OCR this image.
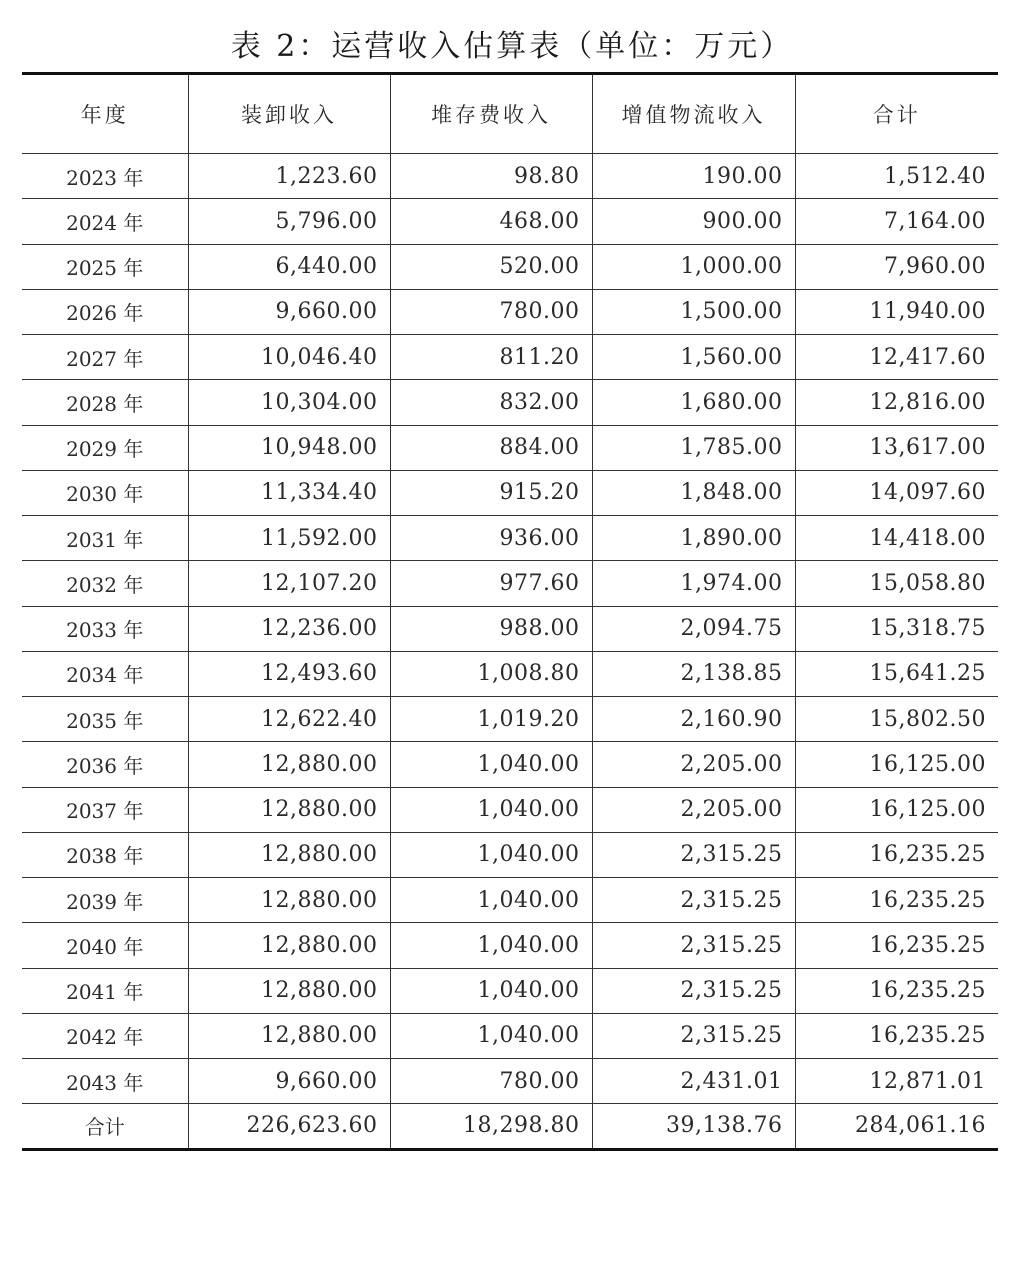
表 2：运营收入估算表（单位：万元）
年度	装卸收入	堆存费收入	增值物流收入	合计
2023 年	1,223.60	98.80	190.00	1,512.40
2024 年	5,796.00	468.00	900.00	7,164.00
2025 年	6,440.00	520.00	1,000.00	7,960.00
2026 年	9,660.00	780.00	1,500.00	11,940.00
2027 年	10,046.40	811.20	1,560.00	12,417.60
2028 年	10,304.00	832.00	1,680.00	12,816.00
2029 年	10,948.00	884.00	1,785.00	13,617.00
2030 年	11,334.40	915.20	1,848.00	14,097.60
2031 年	11,592.00	936.00	1,890.00	14,418.00
2032 年	12,107.20	977.60	1,974.00	15,058.80
2033 年	12,236.00	988.00	2,094.75	15,318.75
2034 年	12,493.60	1,008.80	2,138.85	15,641.25
2035 年	12,622.40	1,019.20	2,160.90	15,802.50
2036 年	12,880.00	1,040.00	2,205.00	16,125.00
2037 年	12,880.00	1,040.00	2,205.00	16,125.00
2038 年	12,880.00	1,040.00	2,315.25	16,235.25
2039 年	12,880.00	1,040.00	2,315.25	16,235.25
2040 年	12,880.00	1,040.00	2,315.25	16,235.25
2041 年	12,880.00	1,040.00	2,315.25	16,235.25
2042 年	12,880.00	1,040.00	2,315.25	16,235.25
2043 年	9,660.00	780.00	2,431.01	12,871.01
合计	226,623.60	18,298.80	39,138.76	284,061.16
